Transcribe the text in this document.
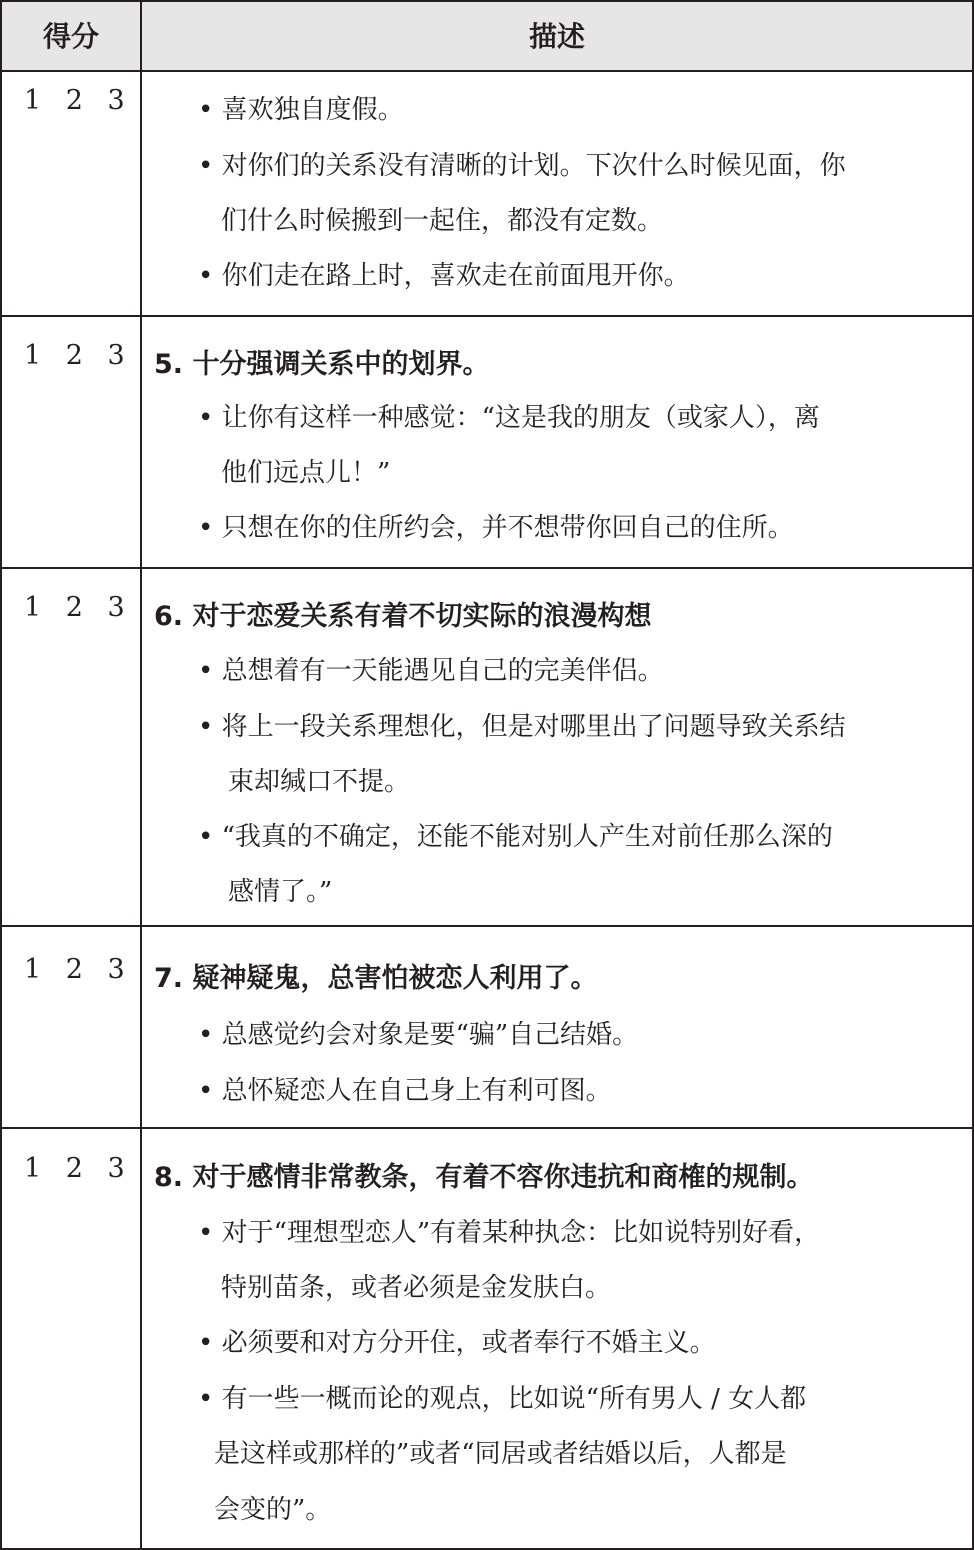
得分	描述
1 2 3	• 喜欢独自度假。
• 对你们的关系没有清晰的计划。下次什么时候见面，你
们什么时候搬到一起住，都没有定数。
• 你们走在路上时，喜欢走在前面甩开你。
1 2 3 5. 十分强调关系中的划界。
• 让你有这样一种感觉：“这是我的朋友（或家人），离
他们远点儿！”
• 只想在你的住所约会，并不想带你回自己的住所。
1 2 3 6. 对于恋爱关系有着不切实际的浪漫构想
• 总想着有一天能遇见自己的完美伴侣。
• 将上一段关系理想化，但是对哪里出了问题导致关系结
束却缄口不提。
• “我真的不确定，还能不能对别人产生对前任那么深的
感情了。”
1 2 3 7. 疑神疑鬼，总害怕被恋人利用了。
• 总感觉约会对象是要“骗”自己结婚。
• 总怀疑恋人在自己身上有利可图。
1 2 3 8. 对于感情非常教条，有着不容你违抗和商榷的规制。
• 对于“理想型恋人”有着某种执念：比如说特别好看，
特别苗条，或者必须是金发肤白。
• 必须要和对方分开住，或者奉行不婚主义。
• 有一些一概而论的观点，比如说“所有男人 / 女人都
是这样或那样的”或者“同居或者结婚以后，人都是
会变的”。
